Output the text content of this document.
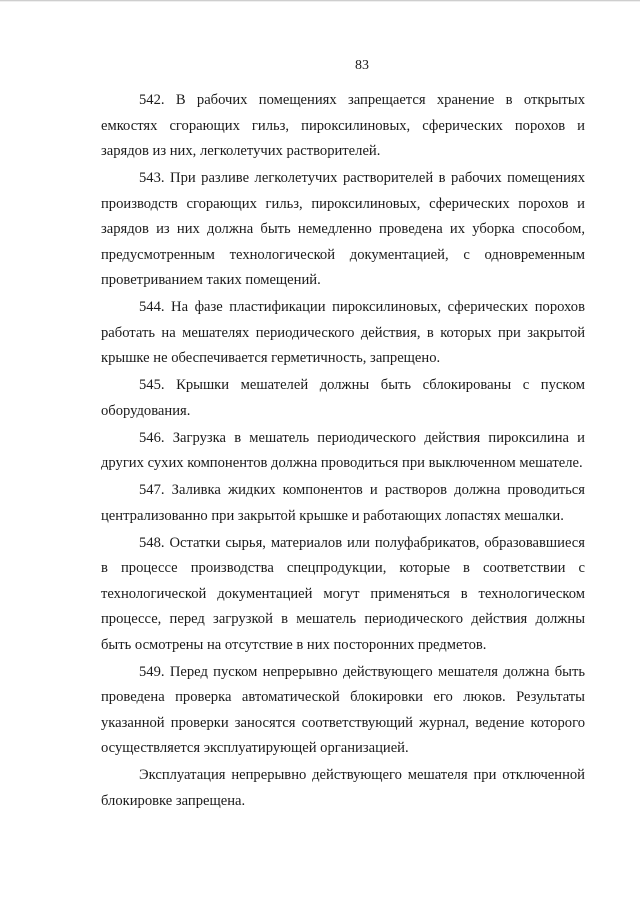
83

542. В рабочих помещениях запрещается хранение в открытых емкостях сгорающих гильз, пироксилиновых, сферических порохов и зарядов из них, легколетучих растворителей.

543. При разливе легколетучих растворителей в рабочих помещениях производств сгорающих гильз, пироксилиновых, сферических порохов и зарядов из них должна быть немедленно проведена их уборка способом, предусмотренным технологической документацией, с одновременным проветриванием таких помещений.

544. На фазе пластификации пироксилиновых, сферических порохов работать на мешателях периодического действия, в которых при закрытой крышке не обеспечивается герметичность, запрещено.

545. Крышки мешателей должны быть сблокированы с пуском оборудования.

546. Загрузка в мешатель периодического действия пироксилина и других сухих компонентов должна проводиться при выключенном мешателе.

547. Заливка жидких компонентов и растворов должна проводиться централизованно при закрытой крышке и работающих лопастях мешалки.

548. Остатки сырья, материалов или полуфабрикатов, образовавшиеся в процессе производства спецпродукции, которые в соответствии с технологической документацией могут применяться в технологическом процессе, перед загрузкой в мешатель периодического действия должны быть осмотрены на отсутствие в них посторонних предметов.

549. Перед пуском непрерывно действующего мешателя должна быть проведена проверка автоматической блокировки его люков. Результаты указанной проверки заносятся соответствующий журнал, ведение которого осуществляется эксплуатирующей организацией.

Эксплуатация непрерывно действующего мешателя при отключенной блокировке запрещена.
